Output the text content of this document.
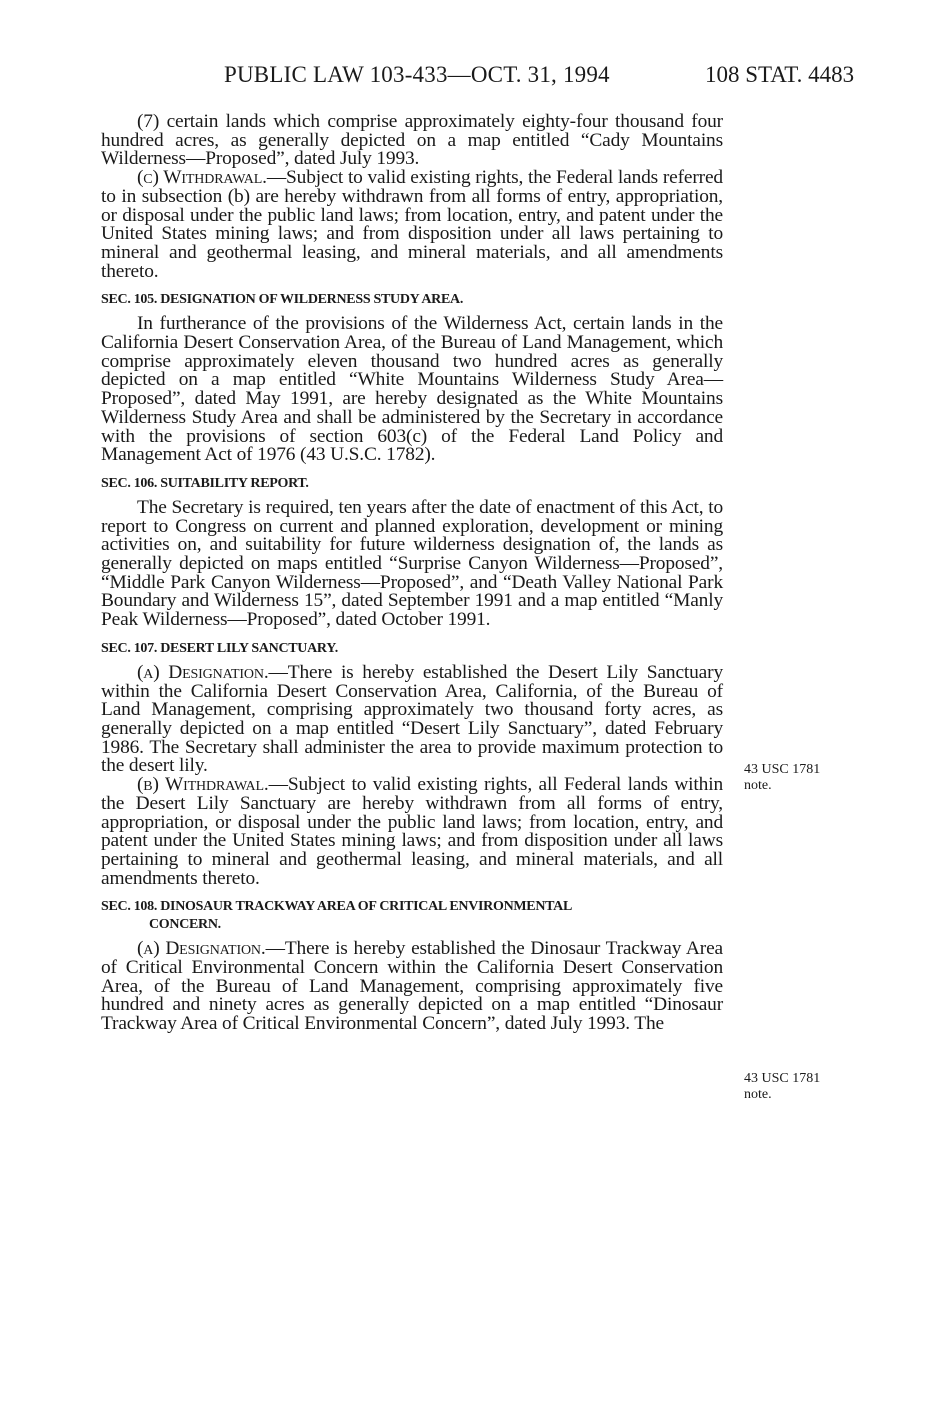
PUBLIC LAW 103-433—OCT. 31, 1994	108 STAT. 4483

(7) certain lands which comprise approximately eighty-four thousand four hundred acres, as generally depicted on a map entitled “Cady Mountains Wilderness—Proposed”, dated July 1993.

(c) Withdrawal.—Subject to valid existing rights, the Federal lands referred to in subsection (b) are hereby withdrawn from all forms of entry, appropriation, or disposal under the public land laws; from location, entry, and patent under the United States mining laws; and from disposition under all laws pertaining to mineral and geothermal leasing, and mineral materials, and all amendments thereto.

SEC. 105. DESIGNATION OF WILDERNESS STUDY AREA.

In furtherance of the provisions of the Wilderness Act, certain lands in the California Desert Conservation Area, of the Bureau of Land Management, which comprise approximately eleven thousand two hundred acres as generally depicted on a map entitled “White Mountains Wilderness Study Area—Proposed”, dated May 1991, are hereby designated as the White Mountains Wilderness Study Area and shall be administered by the Secretary in accordance with the provisions of section 603(c) of the Federal Land Policy and Management Act of 1976 (43 U.S.C. 1782).

SEC. 106. SUITABILITY REPORT.

The Secretary is required, ten years after the date of enactment of this Act, to report to Congress on current and planned exploration, development or mining activities on, and suitability for future wilderness designation of, the lands as generally depicted on maps entitled “Surprise Canyon Wilderness—Proposed”, “Middle Park Canyon Wilderness—Proposed”, and “Death Valley National Park Boundary and Wilderness 15”, dated September 1991 and a map entitled “Manly Peak Wilderness—Proposed”, dated October 1991.

SEC. 107. DESERT LILY SANCTUARY.

(a) Designation.—There is hereby established the Desert Lily Sanctuary within the California Desert Conservation Area, California, of the Bureau of Land Management, comprising approximately two thousand forty acres, as generally depicted on a map entitled “Desert Lily Sanctuary”, dated February 1986. The Secretary shall administer the area to provide maximum protection to the desert lily.

(b) Withdrawal.—Subject to valid existing rights, all Federal lands within the Desert Lily Sanctuary are hereby withdrawn from all forms of entry, appropriation, or disposal under the public land laws; from location, entry, and patent under the United States mining laws; and from disposition under all laws pertaining to mineral and geothermal leasing, and mineral materials, and all amendments thereto.

SEC. 108. DINOSAUR TRACKWAY AREA OF CRITICAL ENVIRONMENTAL
CONCERN.

(a) Designation.—There is hereby established the Dinosaur Trackway Area of Critical Environmental Concern within the California Desert Conservation Area, of the Bureau of Land Management, comprising approximately five hundred and ninety acres as generally depicted on a map entitled “Dinosaur Trackway Area of Critical Environmental Concern”, dated July 1993. The

43 USC 1781
note.
43 USC 1781
note.
